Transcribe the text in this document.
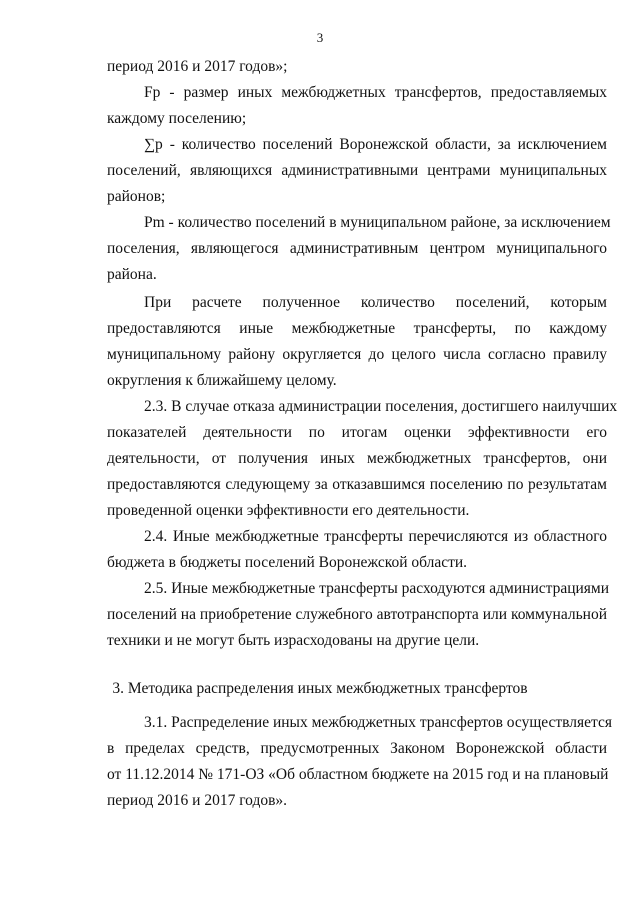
3
период 2016 и 2017 годов»;
Fp - размер иных межбюджетных трансфертов, предоставляемых
каждому поселению;
∑p - количество поселений Воронежской области, за исключением
поселений, являющихся административными центрами муниципальных
районов;
Pm - количество поселений в муниципальном районе, за исключением
поселения, являющегося административным центром муниципального
района.
При расчете полученное количество поселений, которым
предоставляются иные межбюджетные трансферты, по каждому
муниципальному району округляется до целого числа согласно правилу
округления к ближайшему целому.
2.3. В случае отказа администрации поселения, достигшего наилучших
показателей деятельности по итогам оценки эффективности его
деятельности, от получения иных межбюджетных трансфертов, они
предоставляются следующему за отказавшимся поселению по результатам
проведенной оценки эффективности его деятельности.
2.4. Иные межбюджетные трансферты перечисляются из областного
бюджета в бюджеты поселений Воронежской области.
2.5. Иные межбюджетные трансферты расходуются администрациями
поселений на приобретение служебного автотранспорта или коммунальной
техники и не могут быть израсходованы на другие цели.
3. Методика распределения иных межбюджетных трансфертов
3.1. Распределение иных межбюджетных трансфертов осуществляется
в пределах средств, предусмотренных Законом Воронежской области
от 11.12.2014 № 171-ОЗ «Об областном бюджете на 2015 год и на плановый
период 2016 и 2017 годов».
